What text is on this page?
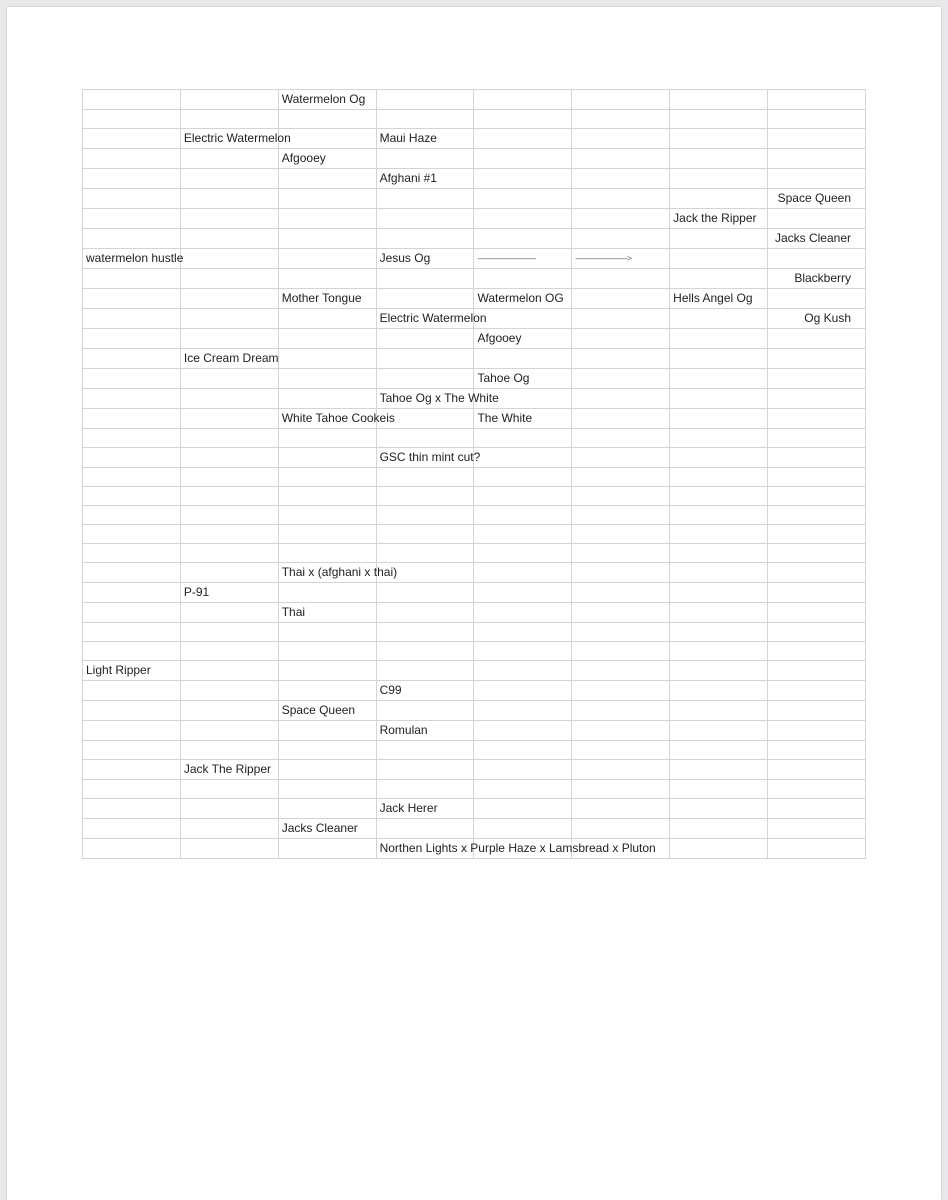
		Watermelon Og					

	Electric Watermelon		Maui Haze				
		Afgooey					
			Afghani #1				
							Space Queen
						Jack the Ripper	
							Jacks Cleaner
watermelon hustle			Jesus Og	---------------------------	------------------------>		
							Blackberry
		Mother Tongue		Watermelon OG		Hells Angel Og	
			Electric Watermelon				Og Kush
				Afgooey			
	Ice Cream Dream						
				Tahoe Og			
			Tahoe Og x The White				
		White Tahoe Cookeis		The White			

			GSC thin mint cut?				

		Thai x (afghani x thai)					
	P-91						
		Thai					

Light Ripper							
			C99				
		Space Queen					
			Romulan				

	Jack The Ripper						

			Jack Herer				
		Jacks Cleaner					
			Northen Lights x Purple Haze x Lamsbread x Pluton				
